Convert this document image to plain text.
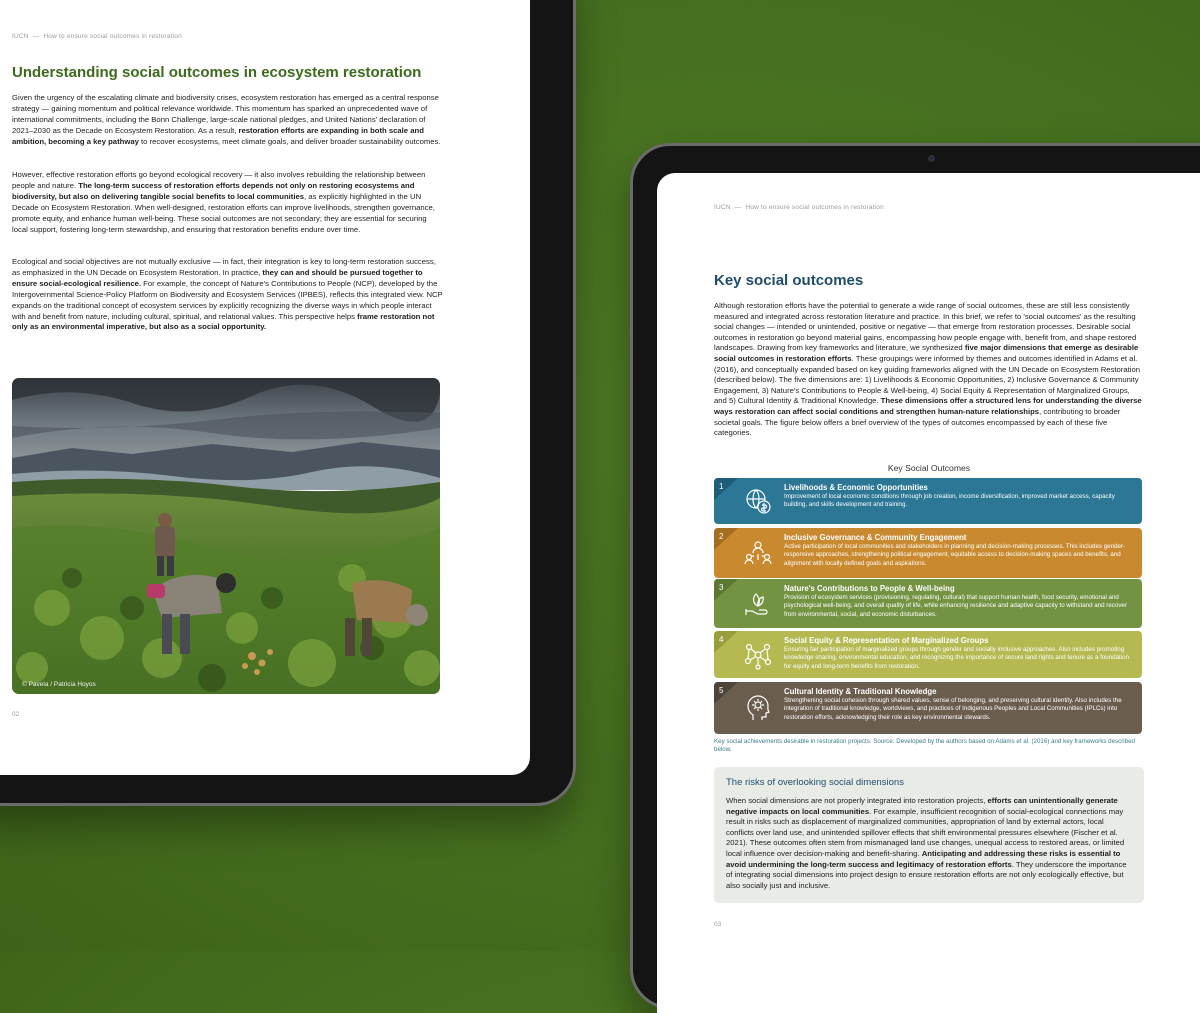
IUCN — How to ensure social outcomes in restoration
Understanding social outcomes in ecosystem restoration

Given the urgency of the escalating climate and biodiversity crises, ecosystem restoration has emerged as a central response strategy — gaining momentum and political relevance worldwide. This momentum has sparked an unprecedented wave of international commitments, including the Bonn Challenge, large-scale national pledges, and United Nations' declaration of 2021–2030 as the Decade on Ecosystem Restoration. As a result, restoration efforts are expanding in both scale and ambition, becoming a key pathway to recover ecosystems, meet climate goals, and deliver broader sustainability outcomes.

However, effective restoration efforts go beyond ecological recovery — it also involves rebuilding the relationship between people and nature. The long-term success of restoration efforts depends not only on restoring ecosystems and biodiversity, but also on delivering tangible social benefits to local communities, as explicitly highlighted in the UN Decade on Ecosystem Restoration. When well-designed, restoration efforts can improve livelihoods, strengthen governance, promote equity, and enhance human well-being. These social outcomes are not secondary; they are essential for securing local support, fostering long-term stewardship, and ensuring that restoration benefits endure over time.

Ecological and social objectives are not mutually exclusive — in fact, their integration is key to long-term restoration success, as emphasized in the UN Decade on Ecosystem Restoration. In practice, they can and should be pursued together to ensure social-ecological resilience. For example, the concept of Nature's Contributions to People (NCP), developed by the Intergovernmental Science-Policy Platform on Biodiversity and Ecosystem Services (IPBES), reflects this integrated view. NCP expands on the traditional concept of ecosystem services by explicitly recognizing the diverse ways in which people interact with and benefit from nature, including cultural, spiritual, and relational values. This perspective helps frame restoration not only as an environmental imperative, but also as a social opportunity.

© Pavela / Patricia Hoyos
02
IUCN — How to ensure social outcomes in restoration
Key social outcomes

Although restoration efforts have the potential to generate a wide range of social outcomes, these are still less consistently measured and integrated across restoration literature and practice. In this brief, we refer to 'social outcomes' as the resulting social changes — intended or unintended, positive or negative — that emerge from restoration processes. Desirable social outcomes in restoration go beyond material gains, encompassing how people engage with, benefit from, and shape restored landscapes. Drawing from key frameworks and literature, we synthesized five major dimensions that emerge as desirable social outcomes in restoration efforts. These groupings were informed by themes and outcomes identified in Adams et al. (2016), and conceptually expanded based on key guiding frameworks aligned with the UN Decade on Ecosystem Restoration (described below). The five dimensions are: 1) Livelihoods & Economic Opportunities, 2) Inclusive Governance & Community Engagement, 3) Nature's Contributions to People & Well-being, 4) Social Equity & Representation of Marginalized Groups, and 5) Cultural Identity & Traditional Knowledge. These dimensions offer a structured lens for understanding the diverse ways restoration can affect social conditions and strengthen human-nature relationships, contributing to broader societal goals. The figure below offers a brief overview of the types of outcomes encompassed by each of these five categories.

Key Social Outcomes
1	Livelihoods & Economic Opportunities
Improvement of local economic conditions through job creation, income diversification, improved market access, capacity building, and skills development and training.
2	Inclusive Governance & Community Engagement
Active participation of local communities and stakeholders in planning and decision-making processes. This includes gender-responsive approaches, strengthening political engagement, equitable access to decision-making spaces and benefits, and alignment with locally defined goals and aspirations.
3	Nature's Contributions to People & Well-being
Provision of ecosystem services (provisioning, regulating, cultural) that support human health, food security, emotional and psychological well-being, and overall quality of life, while enhancing resilience and adaptive capacity to withstand and recover from environmental, social, and economic disturbances.
4	Social Equity & Representation of Marginalized Groups
Ensuring fair participation of marginalized groups through gender and socially inclusive approaches. Also includes promoting knowledge sharing, environmental education, and recognizing the importance of secure land rights and tenure as a foundation for equity and long-term benefits from restoration.
5	Cultural Identity & Traditional Knowledge
Strengthening social cohesion through shared values, sense of belonging, and preserving cultural identity. Also includes the integration of traditional knowledge, worldviews, and practices of Indigenous Peoples and Local Communities (IPLCs) into restoration efforts, acknowledging their role as key environmental stewards.
Key social achievements desirable in restoration projects. Source: Developed by the authors based on Adams et al. (2016) and key frameworks described below.
The risks of overlooking social dimensions

When social dimensions are not properly integrated into restoration projects, efforts can unintentionally generate negative impacts on local communities. For example, insufficient recognition of social-ecological connections may result in risks such as displacement of marginalized communities, appropriation of land by external actors, local conflicts over land use, and unintended spillover effects that shift environmental pressures elsewhere (Fischer et al. 2021). These outcomes often stem from mismanaged land use changes, unequal access to restored areas, or limited local influence over decision-making and benefit-sharing. Anticipating and addressing these risks is essential to avoid undermining the long-term success and legitimacy of restoration efforts. They underscore the importance of integrating social dimensions into project design to ensure restoration efforts are not only ecologically effective, but also socially just and inclusive.

03
